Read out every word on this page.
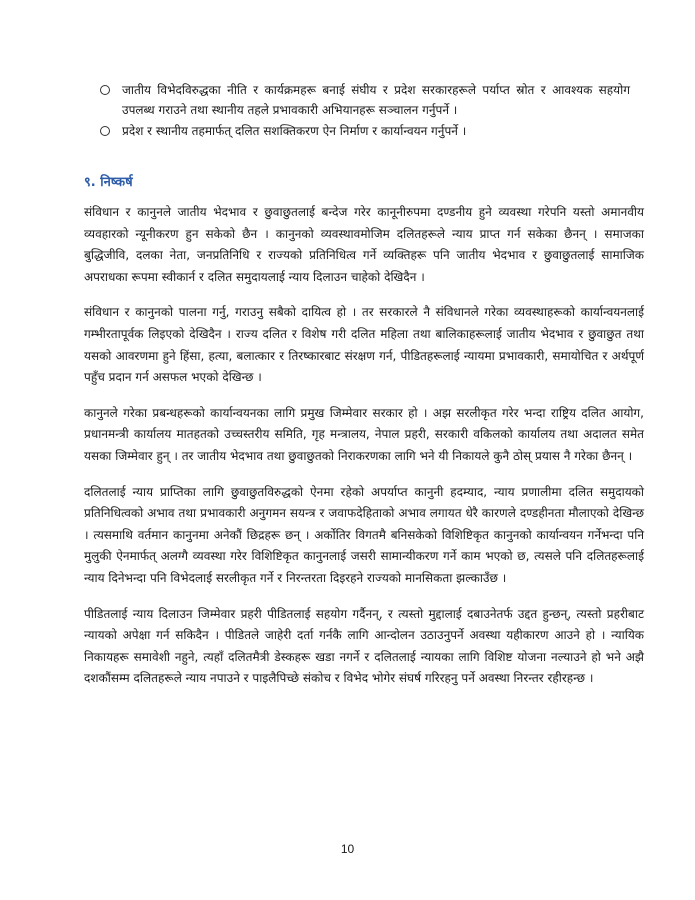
जातीय विभेदविरुद्धका नीति र कार्यक्रमहरू बनाई संघीय र प्रदेश सरकारहरूले पर्याप्त स्रोत र आवश्यक सहयोग उपलब्ध गराउने तथा स्थानीय तहले प्रभावकारी अभियानहरू सञ्चालन गर्नुपर्ने ।
प्रदेश र स्थानीय तहमार्फत् दलित सशक्तिकरण ऐन निर्माण र कार्यान्वयन गर्नुपर्ने ।
९. निष्कर्ष

संविधान र कानुनले जातीय भेदभाव र छुवाछुतलाई बन्देज गरेर कानूनीरुपमा दण्डनीय हुने व्यवस्था गरेपनि यस्तो अमानवीय व्यवहारको न्यूनीकरण हुन सकेको छैन । कानुनको व्यवस्थावमोजिम दलितहरूले न्याय प्राप्त गर्न सकेका छैनन् । समाजका बुद्धिजीवि, दलका नेता, जनप्रतिनिधि र राज्यको प्रतिनिधित्व गर्ने व्यक्तिहरू पनि जातीय भेदभाव र छुवाछुतलाई सामाजिक अपराधका रूपमा स्वीकार्न र दलित समुदायलाई न्याय दिलाउन चाहेको देखिदैन ।

संविधान र कानुनको पालना गर्नु, गराउनु सबैको दायित्व हो । तर सरकारले नै संविधानले गरेका व्यवस्थाहरूको कार्यान्वयनलाई गम्भीरतापूर्वक लिइएको देखिदैन । राज्य दलित र विशेष गरी दलित महिला तथा बालिकाहरूलाई जातीय भेदभाव र छुवाछुत तथा यसको आवरणमा हुने हिंसा, हत्या, बलात्कार र तिरष्कारबाट संरक्षण गर्न, पीडितहरूलाई न्यायमा प्रभावकारी, समायोचित र अर्थपूर्ण पहुँच प्रदान गर्न असफल भएको देखिन्छ ।

कानुनले गरेका प्रबन्धहरूको कार्यान्वयनका लागि प्रमुख जिम्मेवार सरकार हो । अझ सरलीकृत गरेर भन्दा राष्ट्रिय दलित आयोग, प्रधानमन्त्री कार्यालय मातहतको उच्चस्तरीय समिति, गृह मन्त्रालय, नेपाल प्रहरी, सरकारी वकिलको कार्यालय तथा अदालत समेत यसका जिम्मेवार हुन् । तर जातीय भेदभाव तथा छुवाछुतको निराकरणका लागि भने यी निकायले कुनै ठोस् प्रयास नै गरेका छैनन् ।

दलितलाई न्याय प्राप्तिका लागि छुवाछुतविरुद्धको ऐनमा रहेको अपर्याप्त कानुनी हदम्याद, न्याय प्रणालीमा दलित समुदायको प्रतिनिधित्वको अभाव तथा प्रभावकारी अनुगमन सयन्त्र र जवाफदेहिताको अभाव लगायत धेरै कारणले दण्डहीनता मौलाएको देखिन्छ । त्यसमाथि वर्तमान कानुनमा अनेकौं छिद्रहरू छन् । अर्कोतिर विगतमै बनिसकेको विशिष्टिकृत कानुनको कार्यान्वयन गर्नेभन्दा पनि मुलुकी ऐनमार्फत् अलग्गै व्यवस्था गरेर विशिष्टिकृत कानुनलाई जसरी सामान्यीकरण गर्ने काम भएको छ, त्यसले पनि दलितहरूलाई न्याय दिनेभन्दा पनि विभेदलाई सरलीकृत गर्ने र निरन्तरता दिइरहने राज्यको मानसिकता झल्काउँछ ।

पीडितलाई न्याय दिलाउन जिम्मेवार प्रहरी पीडितलाई सहयोग गर्दैनन्, र त्यस्तो मुद्दालाई दबाउनेतर्फ उद्दत हुन्छन्, त्यस्तो प्रहरीबाट न्यायको अपेक्षा गर्न सकिदैन । पीडितले जाहेरी दर्ता गर्नकै लागि आन्दोलन उठाउनुपर्ने अवस्था यहीकारण आउने हो । न्यायिक निकायहरू समावेशी नहुने, त्यहाँ दलितमैत्री डेस्कहरू खडा नगर्ने र दलितलाई न्यायका लागि विशिष्ट योजना नल्याउने हो भने अझै दशकौंसम्म दलितहरूले न्याय नपाउने र पाइलैपिच्छे संकोच र विभेद भोगेर संघर्ष गरिरहनु पर्ने अवस्था निरन्तर रहीरहन्छ ।

10
